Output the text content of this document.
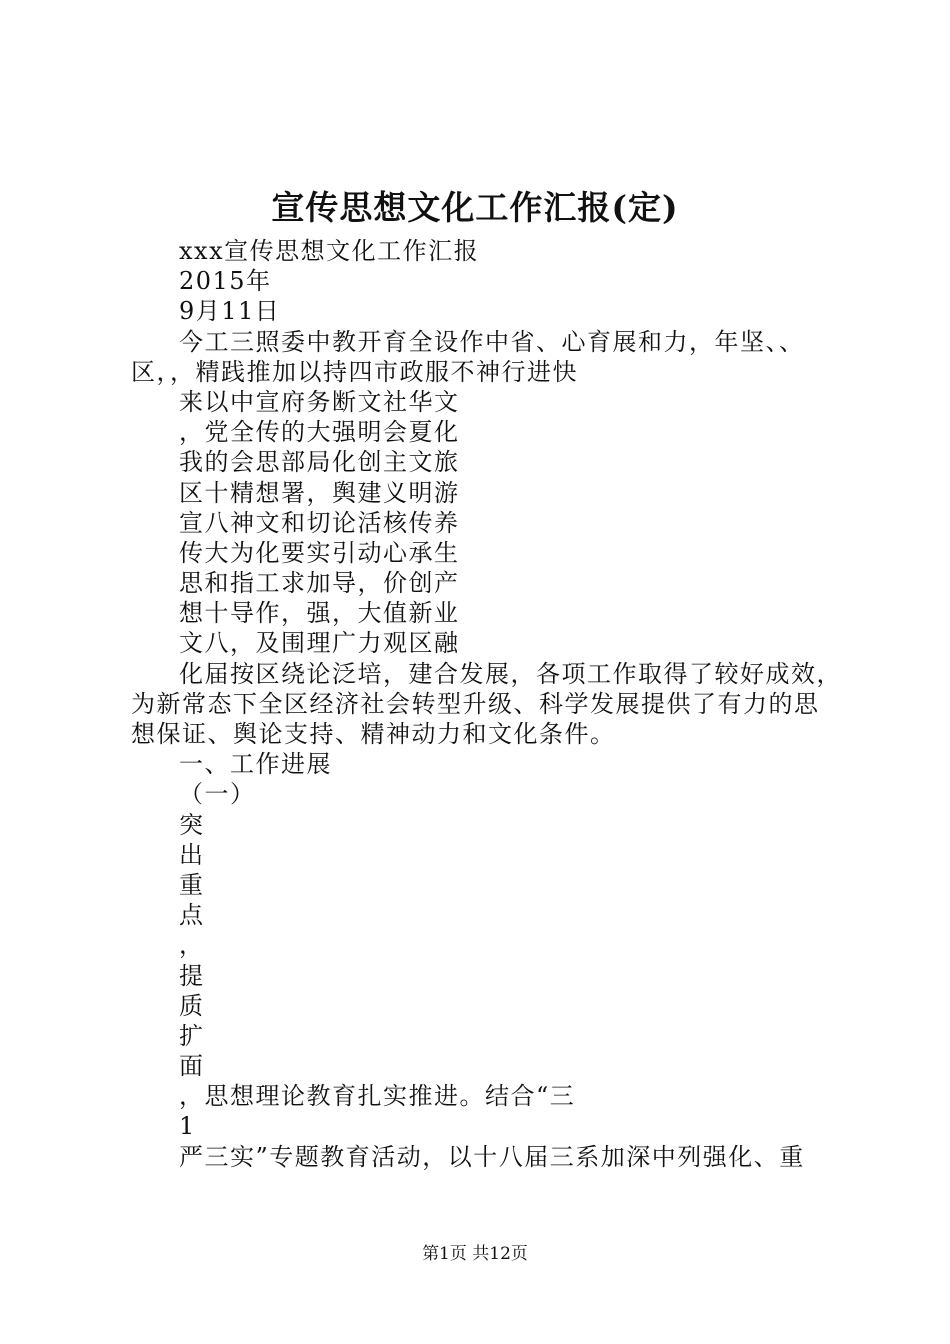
宣传思想文化工作汇报(定)
xxx宣传思想文化工作汇报
2015年
9月11日
今工三照委中教开育全设作中省、心育展和力，年坚、、
区，，精践推加以持四市政服不神行进快
来以中宣府务断文社华文
，党全传的大强明会夏化
我的会思部局化创主文旅
区十精想署，舆建义明游
宣八神文和切论活核传养
传大为化要实引动心承生
思和指工求加导，价创产
想十导作，强，大值新业
文八，及围理广力观区融
化届按区绕论泛培，建合发展，各项工作取得了较好成效，
为新常态下全区经济社会转型升级、科学发展提供了有力的思
想保证、舆论支持、精神动力和文化条件。
一、工作进展
（一）
突
出
重
点
，
提
质
扩
面
，思想理论教育扎实推进。结合“三
1
严三实”专题教育活动，以十八届三系加深中列强化、重
第1页 共12页
